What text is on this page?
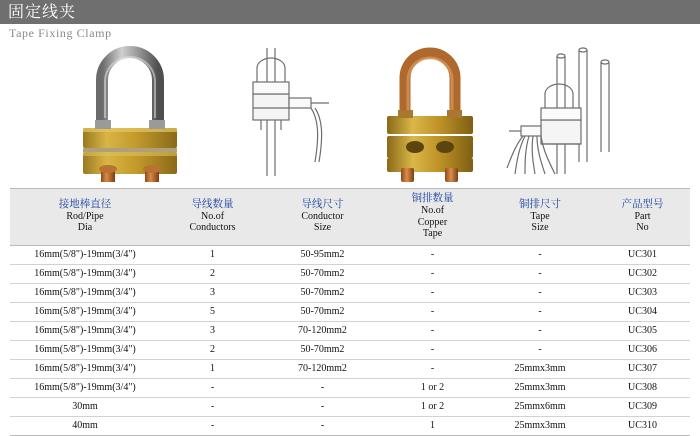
固定线夹
Tape Fixing Clamp
接地棒直径
Rod/Pipe
Dia	导线数量
No.of
Conductors	导线尺寸
Conductor
Size	铜排数量
No.of
Copper
Tape	铜排尺寸
Tape
Size	产品型号
Part
No

16mm(5/8")-19mm(3/4")	1	50-95mm2	-	-	UC301
16mm(5/8")-19mm(3/4")	2	50-70mm2	-	-	UC302
16mm(5/8")-19mm(3/4")	3	50-70mm2	-	-	UC303
16mm(5/8")-19mm(3/4")	5	50-70mm2	-	-	UC304
16mm(5/8")-19mm(3/4")	3	70-120mm2	-	-	UC305
16mm(5/8")-19mm(3/4")	2	50-70mm2	-	-	UC306
16mm(5/8")-19mm(3/4")	1	70-120mm2	-	25mmx3mm	UC307
16mm(5/8")-19mm(3/4")	-	-	1 or 2	25mmx3mm	UC308
30mm	-	-	1 or 2	25mmx6mm	UC309
40mm	-	-	1	25mmx3mm	UC310
